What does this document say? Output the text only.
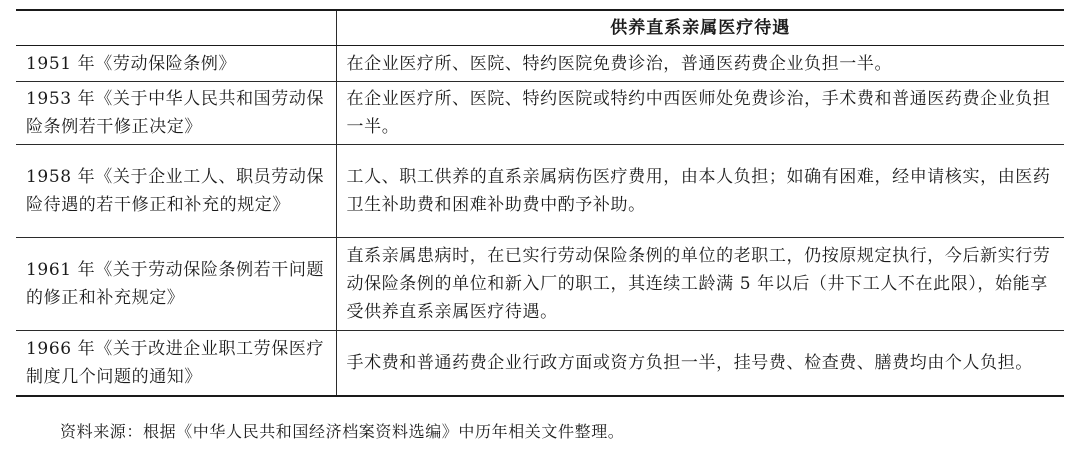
	供养直系亲属医疗待遇
1951 年《劳动保险条例》	在企业医疗所、医院、特约医院免费诊治，普通医药费企业负担一半。
1953 年《关于中华人民共和国劳动保险条例若干修正决定》	在企业医疗所、医院、特约医院或特约中西医师处免费诊治，手术费和普通医药费企业负担一半。
1958 年《关于企业工人、职员劳动保险待遇的若干修正和补充的规定》	工人、职工供养的直系亲属病伤医疗费用，由本人负担；如确有困难，经申请核实，由医药卫生补助费和困难补助费中酌予补助。
1961 年《关于劳动保险条例若干问题的修正和补充规定》	直系亲属患病时，在已实行劳动保险条例的单位的老职工，仍按原规定执行，今后新实行劳动保险条例的单位和新入厂的职工，其连续工龄满 5 年以后（井下工人不在此限），始能享受供养直系亲属医疗待遇。
1966 年《关于改进企业职工劳保医疗制度几个问题的通知》	手术费和普通药费企业行政方面或资方负担一半，挂号费、检查费、膳费均由个人负担。
资料来源：根据《中华人民共和国经济档案资料选编》中历年相关文件整理。
